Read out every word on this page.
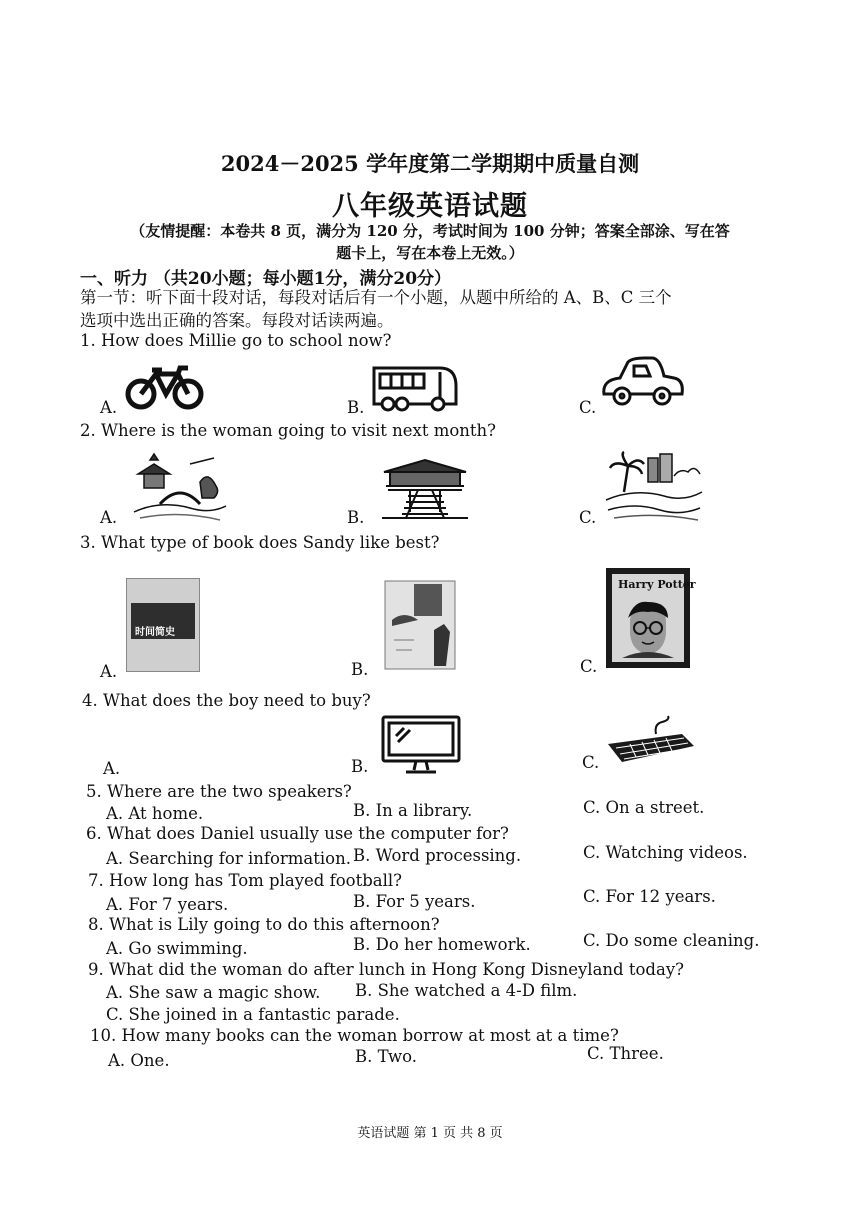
2024－2025 学年度第二学期期中质量自测
八年级英语试题
（友情提醒：本卷共 8 页，满分为 120 分，考试时间为 100 分钟；答案全部涂、写在答
题卡上，写在本卷上无效。）
一、听力 （共20小题；每小题1分，满分20分）
第一节：听下面十段对话，每段对话后有一个小题，从题中所给的 A、B、C 三个
选项中选出正确的答案。每段对话读两遍。
1. How does Millie go to school now?
A.	B.	C.
2. Where is the woman going to visit next month?
A.	B.	C.
3. What type of book does Sandy like best?
A.
时间简史
B.	C.
Harry Potter
4. What does the boy need to buy?
A.	B.	C.
5. Where are the two speakers?
A. At home.	B. In a library.	C. On a street.
6. What does Daniel usually use the computer for?
A. Searching for information. B. Word processing.	C. Watching videos.
7. How long has Tom played football?
A. For 7 years.	B. For 5 years.	C. For 12 years.
8. What is Lily going to do this afternoon?
A. Go swimming.	B. Do her homework.	C. Do some cleaning.
9. What did the woman do after lunch in Hong Kong Disneyland today?
A. She saw a magic show. B. She watched a 4-D film.
C. She joined in a fantastic parade.
10. How many books can the woman borrow at most at a time?
A. One.	B. Two.	C. Three.
英语试题 第 1 页 共 8 页
